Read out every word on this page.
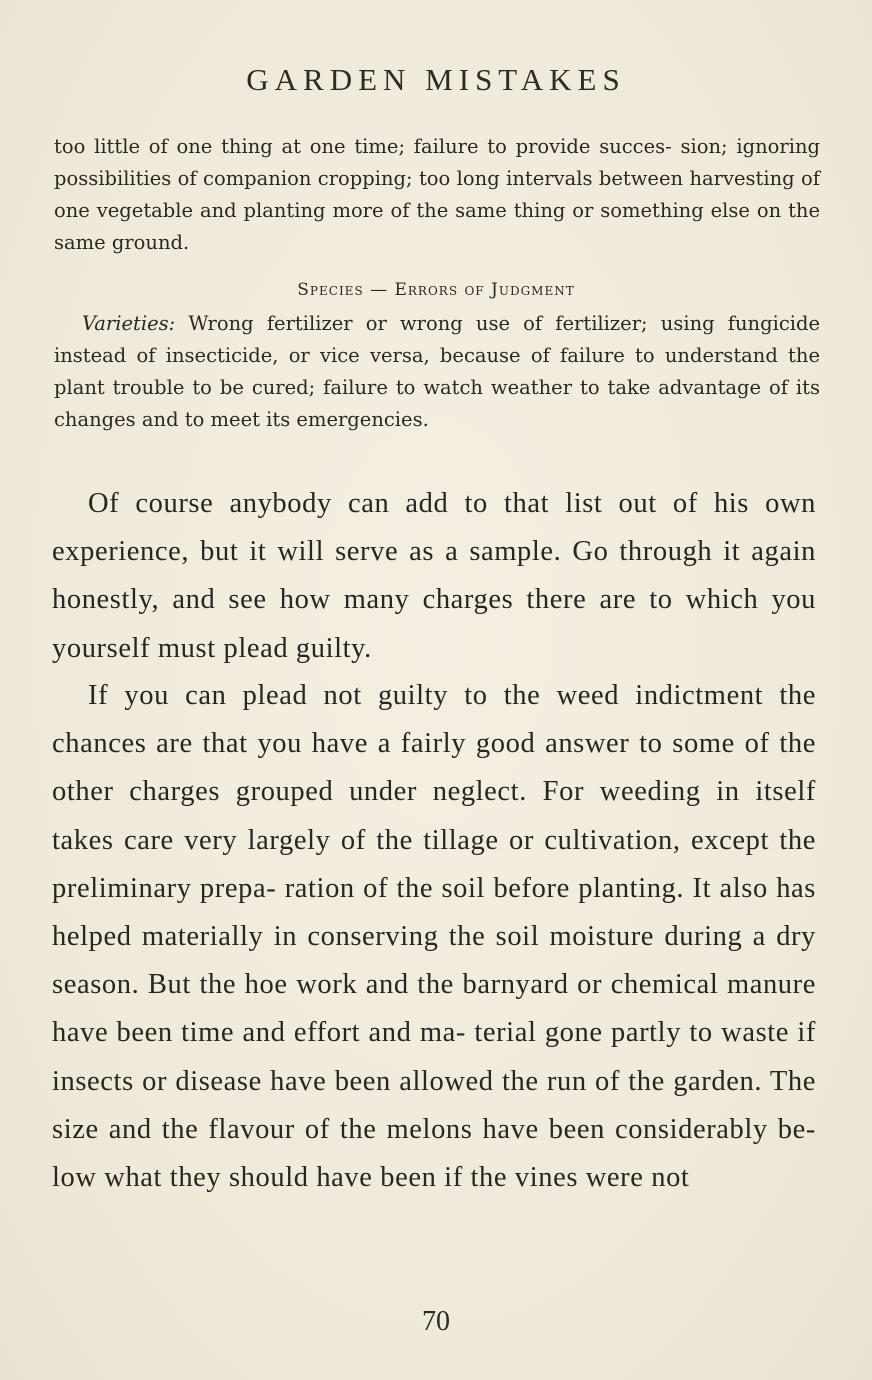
GARDEN MISTAKES

too little of one thing at one time; failure to provide succes- sion; ignoring possibilities of companion cropping; too long intervals between harvesting of one vegetable and planting more of the same thing or something else on the same ground.

Species — Errors of Judgment

Varieties: Wrong fertilizer or wrong use of fertilizer; using fungicide instead of insecticide, or vice versa, because of failure to understand the plant trouble to be cured; failure to watch weather to take advantage of its changes and to meet its emergencies.

Of course anybody can add to that list out of his own experience, but it will serve as a sample. Go through it again honestly, and see how many charges there are to which you yourself must plead guilty.

If you can plead not guilty to the weed indictment the chances are that you have a fairly good answer to some of the other charges grouped under neglect. For weeding in itself takes care very largely of the tillage or cultivation, except the preliminary prepa- ration of the soil before planting. It also has helped materially in conserving the soil moisture during a dry season. But the hoe work and the barnyard or chemical manure have been time and effort and ma- terial gone partly to waste if insects or disease have been allowed the run of the garden. The size and the flavour of the melons have been considerably be- low what they should have been if the vines were not

70
